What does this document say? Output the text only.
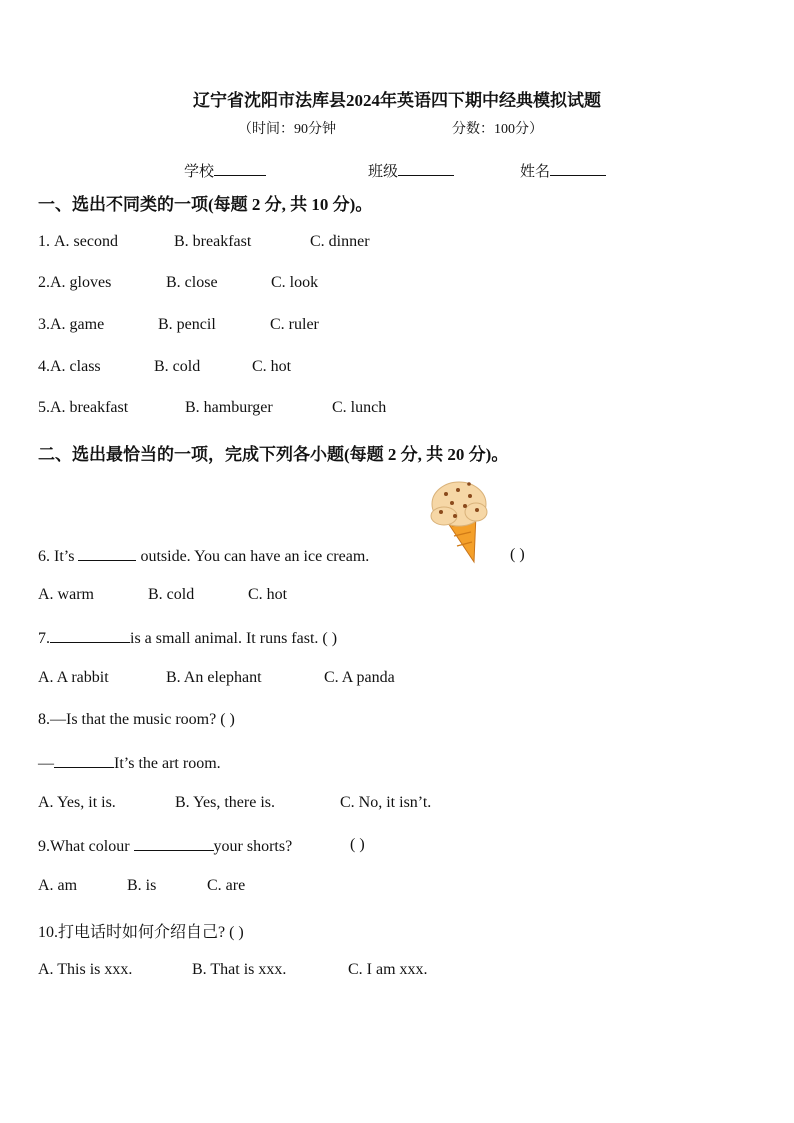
辽宁省沈阳市法库县2024年英语四下期中经典模拟试题
（时间：90分钟	分数：100分）
学校	班级	姓名
一、选出不同类的一项(每题 2 分, 共 10 分)。
1. A. second	B. breakfast	C. dinner
2.A. gloves	B. close	C. look
3.A. game	B. pencil	C. ruler
4.A. class	B. cold	C. hot
5.A. breakfast	B. hamburger	C. lunch
二、选出最恰当的一项，完成下列各小题(每题 2 分, 共 20 分)。
6. It’s	outside. You can have an ice cream.	( )
A. warm	B. cold	C. hot
7.	is a small animal. It runs fast. ( )
A. A rabbit	B. An elephant	C. A panda
8.—Is that the music room? ( )
—	It’s the art room.
A. Yes, it is.	B. Yes, there is.	C. No, it isn’t.
9.What colour	your shorts?	( )
A. am	B. is	C. are
10.打电话时如何介绍自己? ( )
A. This is xxx.	B. That is xxx.	C. I am xxx.
